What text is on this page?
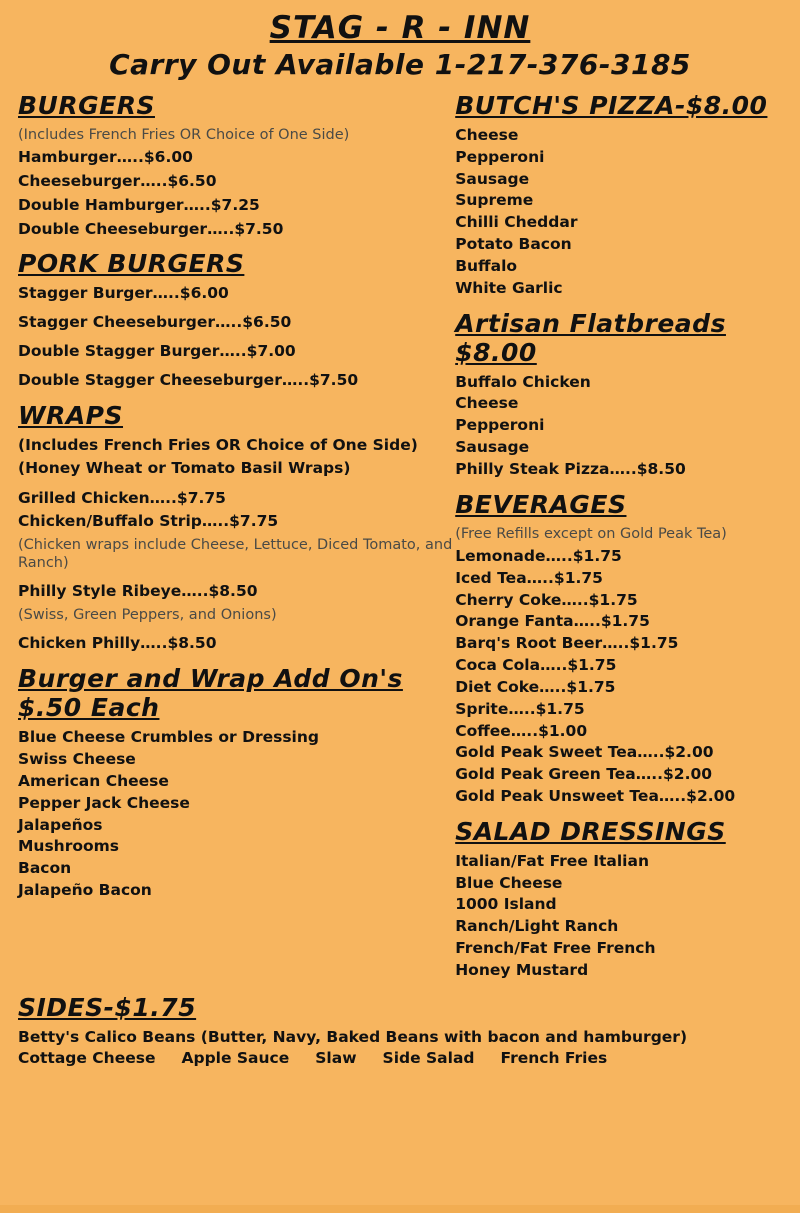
STAG - R - INN
Carry Out Available 1-217-376-3185
BURGERS
(Includes French Fries OR Choice of One Side)
Hamburger…..$6.00
Cheeseburger…..$6.50
Double Hamburger…..$7.25
Double Cheeseburger…..$7.50
PORK BURGERS
Stagger Burger…..$6.00
Stagger Cheeseburger…..$6.50
Double Stagger Burger…..$7.00
Double Stagger Cheeseburger…..$7.50
WRAPS
(Includes French Fries OR Choice of One Side)
(Honey Wheat or Tomato Basil Wraps)
Grilled Chicken…..$7.75
Chicken/Buffalo Strip…..$7.75
(Chicken wraps include Cheese, Lettuce, Diced Tomato, and Ranch)
Philly Style Ribeye…..$8.50
(Swiss, Green Peppers, and Onions)
Chicken Philly…..$8.50
Burger and Wrap Add On's $.50 Each
Blue Cheese Crumbles or Dressing
Swiss Cheese
American Cheese
Pepper Jack Cheese
Jalapeños
Mushrooms
Bacon
Jalapeño Bacon
BUTCH'S PIZZA-$8.00
Cheese
Pepperoni
Sausage
Supreme
Chilli Cheddar
Potato Bacon
Buffalo
White Garlic
Artisan Flatbreads $8.00
Buffalo Chicken
Cheese
Pepperoni
Sausage
Philly Steak Pizza…..$8.50
BEVERAGES
(Free Refills except on Gold Peak Tea)
Lemonade…..$1.75
Iced Tea…..$1.75
Cherry Coke…..$1.75
Orange Fanta…..$1.75
Barq's Root Beer…..$1.75
Coca Cola…..$1.75
Diet Coke…..$1.75
Sprite…..$1.75
Coffee…..$1.00
Gold Peak Sweet Tea…..$2.00
Gold Peak Green Tea…..$2.00
Gold Peak Unsweet Tea…..$2.00
SALAD DRESSINGS
Italian/Fat Free Italian
Blue Cheese
1000 Island
Ranch/Light Ranch
French/Fat Free French
Honey Mustard
SIDES-$1.75
Betty's Calico Beans (Butter, Navy, Baked Beans with bacon and hamburger)
Cottage Cheese Apple Sauce Slaw Side Salad French Fries
